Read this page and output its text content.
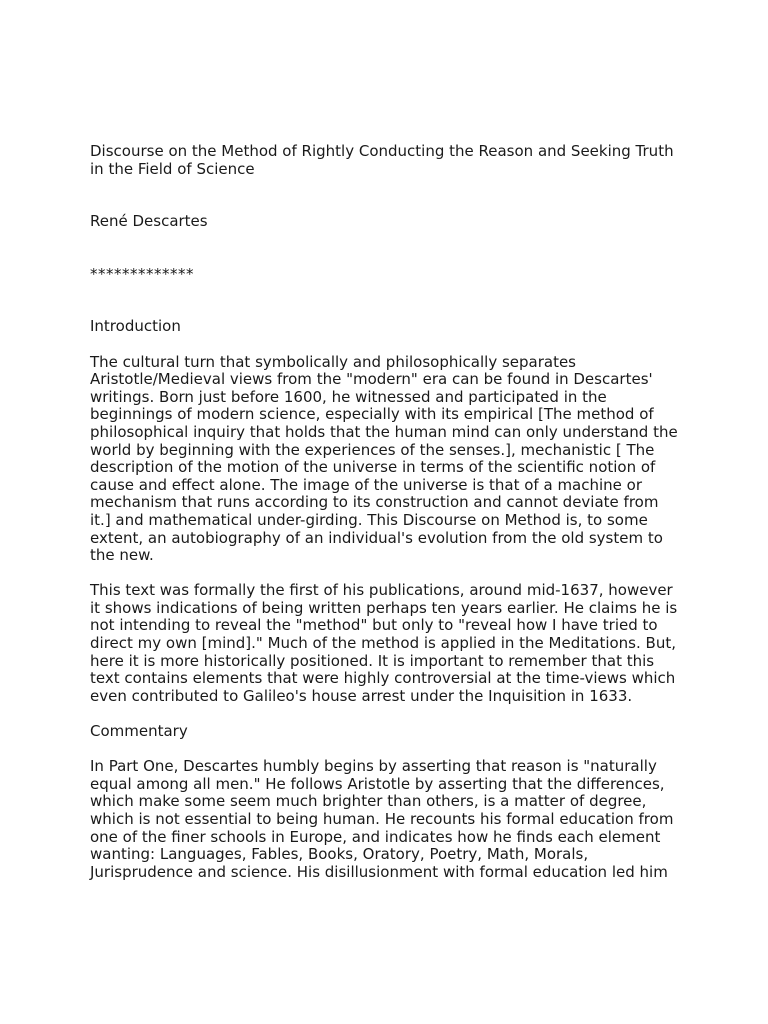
Discourse on the Method of Rightly Conducting the Reason and Seeking Truth in the Field of Science

René Descartes

*************

Introduction

The cultural turn that symbolically and philosophically separates Aristotle/Medieval views from the "modern" era can be found in Descartes' writings. Born just before 1600, he witnessed and participated in the beginnings of modern science, especially with its empirical [The method of philosophical inquiry that holds that the human mind can only understand the world by beginning with the experiences of the senses.], mechanistic [ The description of the motion of the universe in terms of the scientific notion of cause and effect alone. The image of the universe is that of a machine or mechanism that runs according to its construction and cannot deviate from it.] and mathematical under-girding. This Discourse on Method is, to some extent, an autobiography of an individual's evolution from the old system to the new.

This text was formally the first of his publications, around mid-1637, however it shows indications of being written perhaps ten years earlier. He claims he is not intending to reveal the "method" but only to "reveal how I have tried to direct my own [mind]." Much of the method is applied in the Meditations. But, here it is more historically positioned. It is important to remember that this text contains elements that were highly controversial at the time-views which even contributed to Galileo's house arrest under the Inquisition in 1633.

Commentary

In Part One, Descartes humbly begins by asserting that reason is "naturally equal among all men." He follows Aristotle by asserting that the differences, which make some seem much brighter than others, is a matter of degree, which is not essential to being human. He recounts his formal education from one of the finer schools in Europe, and indicates how he finds each element wanting: Languages, Fables, Books, Oratory, Poetry, Math, Morals, Jurisprudence and science. His disillusionment with formal education led him
